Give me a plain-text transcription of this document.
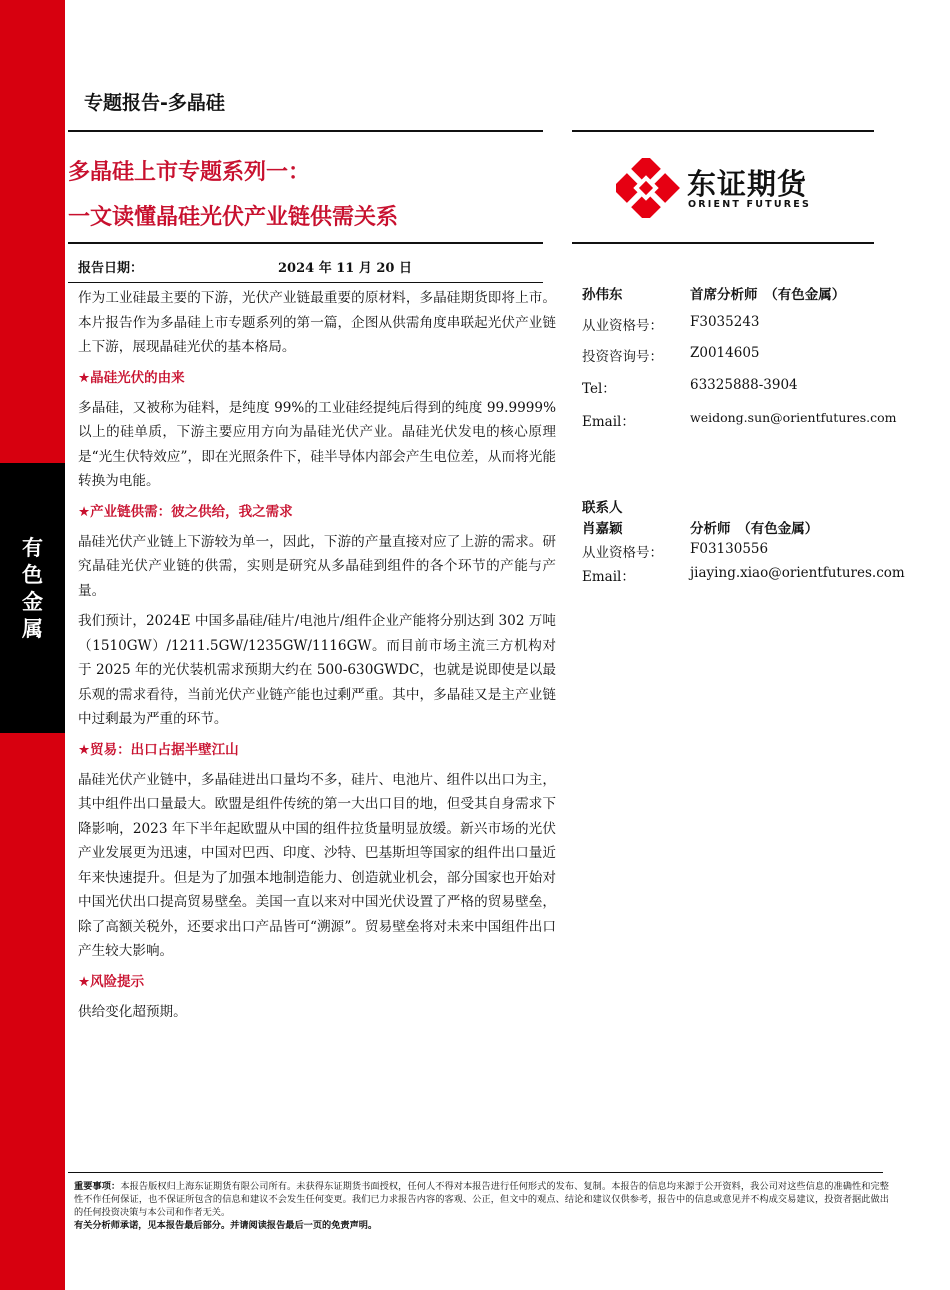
有
色
金
属
专题报告-多晶硅
多晶硅上市专题系列一：
一文读懂晶硅光伏产业链供需关系
东证期货
ORIENT FUTURES
报告日期：	2024 年 11 月 20 日

作为工业硅最主要的下游，光伏产业链最重要的原材料，多晶硅期货即将上市。本片报告作为多晶硅上市专题系列的第一篇，企图从供需角度串联起光伏产业链上下游，展现晶硅光伏的基本格局。

★晶硅光伏的由来

多晶硅，又被称为硅料，是纯度 99%的工业硅经提纯后得到的纯度 99.9999%以上的硅单质，下游主要应用方向为晶硅光伏产业。晶硅光伏发电的核心原理是“光生伏特效应”，即在光照条件下，硅半导体内部会产生电位差，从而将光能转换为电能。

★产业链供需：彼之供给，我之需求

晶硅光伏产业链上下游较为单一，因此，下游的产量直接对应了上游的需求。研究晶硅光伏产业链的供需，实则是研究从多晶硅到组件的各个环节的产能与产量。

我们预计，2024E 中国多晶硅/硅片/电池片/组件企业产能将分别达到 302 万吨（1510GW）/1211.5GW/1235GW/1116GW。而目前市场主流三方机构对于 2025 年的光伏装机需求预期大约在 500-630GWDC，也就是说即使是以最乐观的需求看待，当前光伏产业链产能也过剩严重。其中，多晶硅又是主产业链中过剩最为严重的环节。

★贸易：出口占据半壁江山

晶硅光伏产业链中，多晶硅进出口量均不多，硅片、电池片、组件以出口为主，其中组件出口量最大。欧盟是组件传统的第一大出口目的地，但受其自身需求下降影响，2023 年下半年起欧盟从中国的组件拉货量明显放缓。新兴市场的光伏产业发展更为迅速，中国对巴西、印度、沙特、巴基斯坦等国家的组件出口量近年来快速提升。但是为了加强本地制造能力、创造就业机会，部分国家也开始对中国光伏出口提高贸易壁垒。美国一直以来对中国光伏设置了严格的贸易壁垒，除了高额关税外，还要求出口产品皆可“溯源”。贸易壁垒将对未来中国组件出口产生较大影响。

★风险提示

供给变化超预期。

孙伟东	首席分析师　（有色金属）
从业资格号： F3035243
投资咨询号： Z0014605
Tel：	63325888-3904
Email：	weidong.sun@orientfutures.com
联系人
肖嘉颖	分析师　（有色金属）
从业资格号： F03130556
Email：	jiaying.xiao@orientfutures.com
重要事项：本报告版权归上海东证期货有限公司所有。未获得东证期货书面授权，任何人不得对本报告进行任何形式的发布、复制。本报告的信息均来源于公开资料，我公司对这些信息的准确性和完整性不作任何保证，也不保证所包含的信息和建议不会发生任何变更。我们已力求报告内容的客观、公正，但文中的观点、结论和建议仅供参考，报告中的信息或意见并不构成交易建议，投资者据此做出的任何投资决策与本公司和作者无关。
有关分析师承诺，见本报告最后部分。并请阅读报告最后一页的免责声明。
